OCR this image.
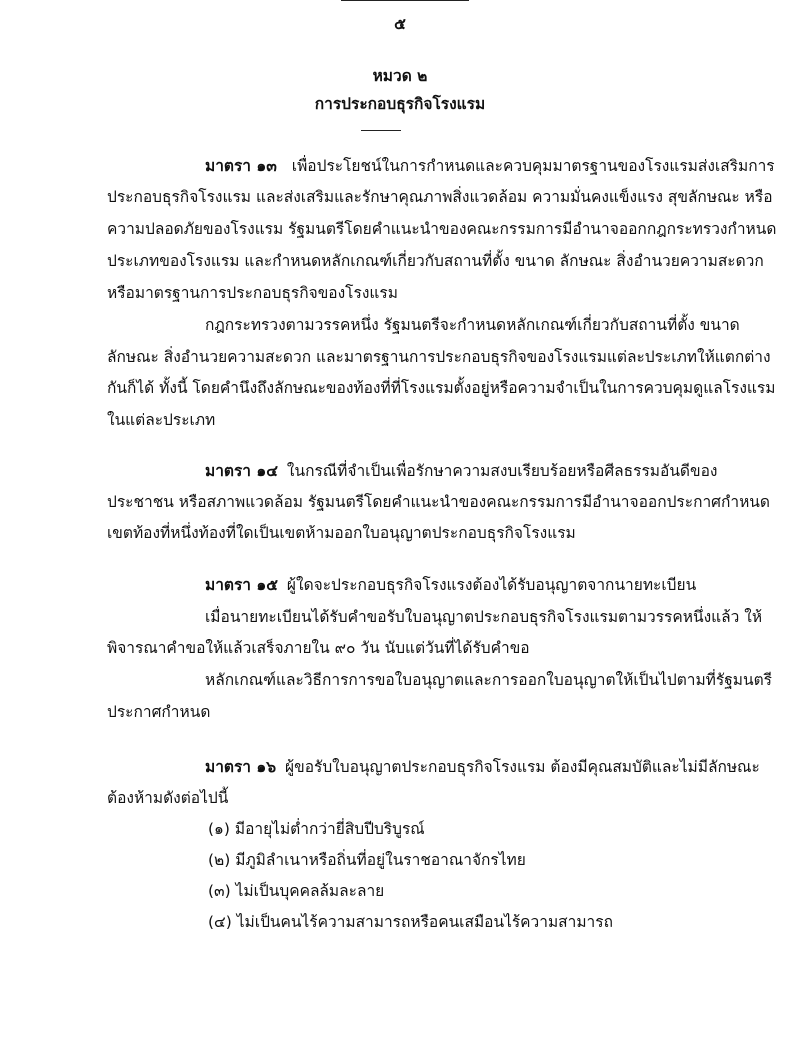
๕
หมวด ๒
การประกอบธุรกิจโรงแรม
มาตรา ๑๓ เพื่อประโยชน์ในการกำหนดและควบคุมมาตรฐานของโรงแรมส่งเสริมการ
ประกอบธุรกิจโรงแรม และส่งเสริมและรักษาคุณภาพสิ่งแวดล้อม ความมั่นคงแข็งแรง สุขลักษณะ หรือ
ความปลอดภัยของโรงแรม รัฐมนตรีโดยคำแนะนำของคณะกรรมการมีอำนาจออกกฎกระทรวงกำหนด
ประเภทของโรงแรม และกำหนดหลักเกณฑ์เกี่ยวกับสถานที่ตั้ง ขนาด ลักษณะ สิ่งอำนวยความสะดวก
หรือมาตรฐานการประกอบธุรกิจของโรงแรม
กฎกระทรวงตามวรรคหนึ่ง รัฐมนตรีจะกำหนดหลักเกณฑ์เกี่ยวกับสถานที่ตั้ง ขนาด
ลักษณะ สิ่งอำนวยความสะดวก และมาตรฐานการประกอบธุรกิจของโรงแรมแต่ละประเภทให้แตกต่าง
กันก็ได้ ทั้งนี้ โดยคำนึงถึงลักษณะของท้องที่ที่โรงแรมตั้งอยู่หรือความจำเป็นในการควบคุมดูแลโรงแรม
ในแต่ละประเภท
มาตรา ๑๔ ในกรณีที่จำเป็นเพื่อรักษาความสงบเรียบร้อยหรือศีลธรรมอันดีของ
ประชาชน หรือสภาพแวดล้อม รัฐมนตรีโดยคำแนะนำของคณะกรรมการมีอำนาจออกประกาศกำหนด
เขตท้องที่หนึ่งท้องที่ใดเป็นเขตห้ามออกใบอนุญาตประกอบธุรกิจโรงแรม
มาตรา ๑๕ ผู้ใดจะประกอบธุรกิจโรงแรงต้องได้รับอนุญาตจากนายทะเบียน
เมื่อนายทะเบียนได้รับคำขอรับใบอนุญาตประกอบธุรกิจโรงแรมตามวรรคหนึ่งแล้ว ให้
พิจารณาคำขอให้แล้วเสร็จภายใน ๙๐ วัน นับแต่วันที่ได้รับคำขอ
หลักเกณฑ์และวิธีการการขอใบอนุญาตและการออกใบอนุญาตให้เป็นไปตามที่รัฐมนตรี
ประกาศกำหนด
มาตรา ๑๖ ผู้ขอรับใบอนุญาตประกอบธุรกิจโรงแรม ต้องมีคุณสมบัติและไม่มีลักษณะ
ต้องห้ามดังต่อไปนี้
(๑) มีอายุไม่ต่ำกว่ายี่สิบปีบริบูรณ์
(๒) มีภูมิลำเนาหรือถิ่นที่อยู่ในราชอาณาจักรไทย
(๓) ไม่เป็นบุคคลล้มละลาย
(๔) ไม่เป็นคนไร้ความสามารถหรือคนเสมือนไร้ความสามารถ
